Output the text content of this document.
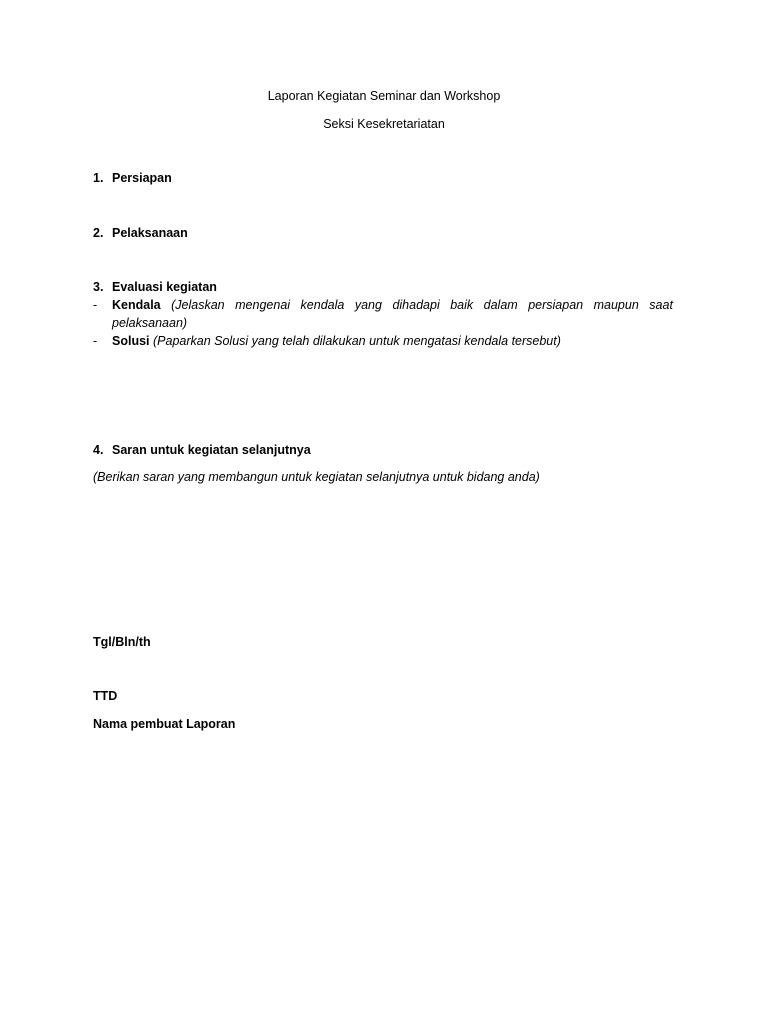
Laporan Kegiatan Seminar dan Workshop
Seksi Kesekretariatan
1. Persiapan
2. Pelaksanaan
3. Evaluasi kegiatan
- Kendala (Jelaskan mengenai kendala yang dihadapi baik dalam persiapan maupun saat
pelaksanaan)
- Solusi (Paparkan Solusi yang telah dilakukan untuk mengatasi kendala tersebut)
4. Saran untuk kegiatan selanjutnya
(Berikan saran yang membangun untuk kegiatan selanjutnya untuk bidang anda)
Tgl/Bln/th
TTD
Nama pembuat Laporan
